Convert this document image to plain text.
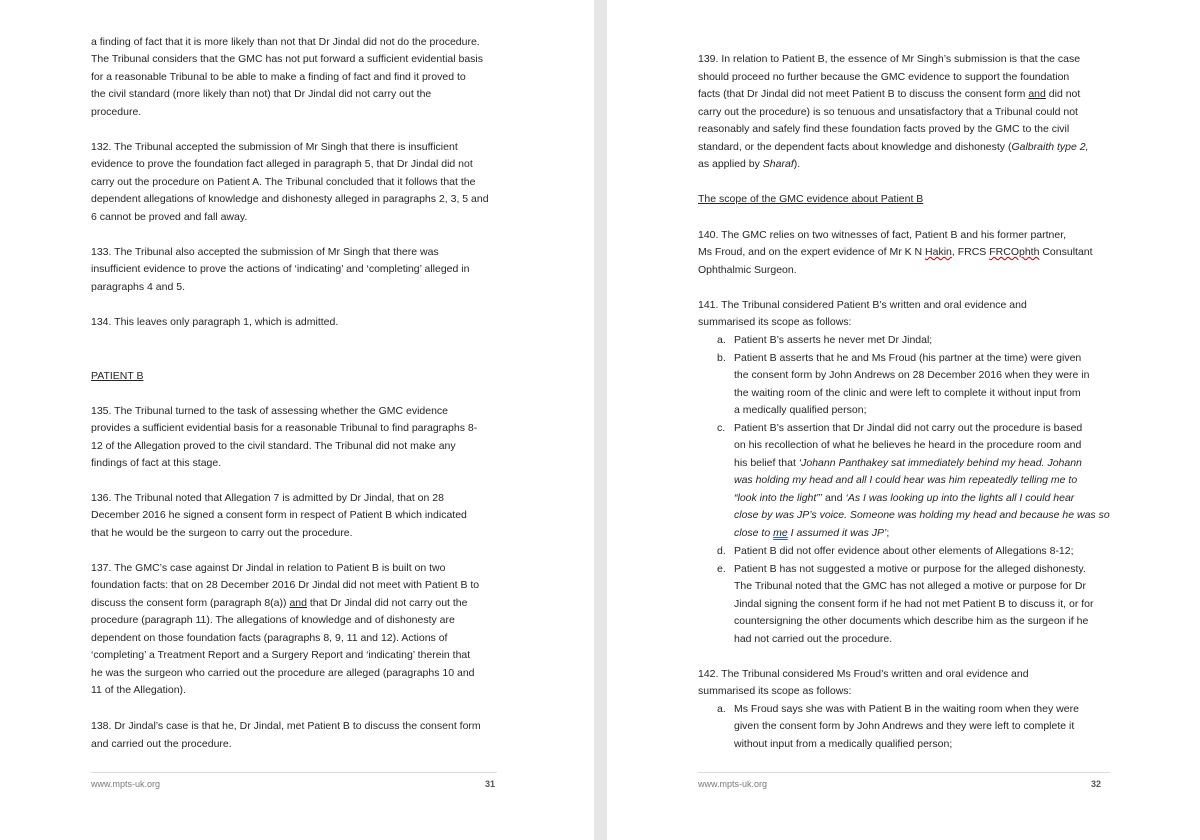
a finding of fact that it is more likely than not that Dr Jindal did not do the procedure.

The Tribunal considers that the GMC has not put forward a sufficient evidential basis

for a reasonable Tribunal to be able to make a finding of fact and find it proved to

the civil standard (more likely than not) that Dr Jindal did not carry out the

procedure.

132. The Tribunal accepted the submission of Mr Singh that there is insufficient

evidence to prove the foundation fact alleged in paragraph 5, that Dr Jindal did not

carry out the procedure on Patient A. The Tribunal concluded that it follows that the

dependent allegations of knowledge and dishonesty alleged in paragraphs 2, 3, 5 and

6 cannot be proved and fall away.

133. The Tribunal also accepted the submission of Mr Singh that there was

insufficient evidence to prove the actions of ‘indicating’ and ‘completing’ alleged in

paragraphs 4 and 5.

134. This leaves only paragraph 1, which is admitted.

PATIENT B

135. The Tribunal turned to the task of assessing whether the GMC evidence

provides a sufficient evidential basis for a reasonable Tribunal to find paragraphs 8-

12 of the Allegation proved to the civil standard. The Tribunal did not make any

findings of fact at this stage.

136. The Tribunal noted that Allegation 7 is admitted by Dr Jindal, that on 28

December 2016 he signed a consent form in respect of Patient B which indicated

that he would be the surgeon to carry out the procedure.

137. The GMC’s case against Dr Jindal in relation to Patient B is built on two

foundation facts: that on 28 December 2016 Dr Jindal did not meet with Patient B to

discuss the consent form (paragraph 8(a)) and that Dr Jindal did not carry out the

procedure (paragraph 11). The allegations of knowledge and of dishonesty are

dependent on those foundation facts (paragraphs 8, 9, 11 and 12). Actions of

‘completing’ a Treatment Report and a Surgery Report and ‘indicating’ therein that

he was the surgeon who carried out the procedure are alleged (paragraphs 10 and

11 of the Allegation).

138. Dr Jindal’s case is that he, Dr Jindal, met Patient B to discuss the consent form

and carried out the procedure.

www.mpts-uk.org	31

139. In relation to Patient B, the essence of Mr Singh’s submission is that the case

should proceed no further because the GMC evidence to support the foundation

facts (that Dr Jindal did not meet Patient B to discuss the consent form and did not

carry out the procedure) is so tenuous and unsatisfactory that a Tribunal could not

reasonably and safely find these foundation facts proved by the GMC to the civil

standard, or the dependent facts about knowledge and dishonesty (Galbraith type 2,

as applied by Sharaf).

The scope of the GMC evidence about Patient B

140. The GMC relies on two witnesses of fact, Patient B and his former partner,

Ms Froud, and on the expert evidence of Mr K N Hakin, FRCS FRCOphth Consultant

Ophthalmic Surgeon.

141. The Tribunal considered Patient B’s written and oral evidence and

summarised its scope as follows:

a. Patient B’s asserts he never met Dr Jindal;

b. Patient B asserts that he and Ms Froud (his partner at the time) were given

the consent form by John Andrews on 28 December 2016 when they were in

the waiting room of the clinic and were left to complete it without input from

a medically qualified person;

c. Patient B’s assertion that Dr Jindal did not carry out the procedure is based

on his recollection of what he believes he heard in the procedure room and

his belief that ‘Johann Panthakey sat immediately behind my head. Johann

was holding my head and all I could hear was him repeatedly telling me to

“look into the light”’ and ‘As I was looking up into the lights all I could hear

close by was JP’s voice. Someone was holding my head and because he was so

close to me I assumed it was JP’;

d. Patient B did not offer evidence about other elements of Allegations 8-12;

e. Patient B has not suggested a motive or purpose for the alleged dishonesty.

The Tribunal noted that the GMC has not alleged a motive or purpose for Dr

Jindal signing the consent form if he had not met Patient B to discuss it, or for

countersigning the other documents which describe him as the surgeon if he

had not carried out the procedure.

142. The Tribunal considered Ms Froud’s written and oral evidence and

summarised its scope as follows:

a. Ms Froud says she was with Patient B in the waiting room when they were

given the consent form by John Andrews and they were left to complete it

without input from a medically qualified person;

www.mpts-uk.org	32
